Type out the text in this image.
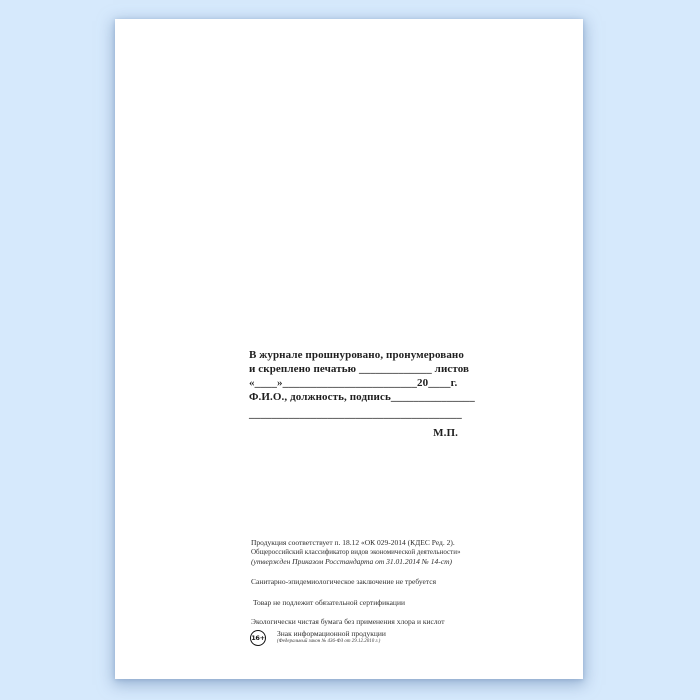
В журнале прошнуровано, пронумеровано
и скреплено печатью _____________ листов
«____»________________________20____г.
Ф.И.О., должность, подпись_______________
______________________________________
М.П.
Продукция соответствует п. 18.12 «ОК 029-2014 (КДЕС Ред. 2).
Общероссийский классификатор видов экономической деятельности»
(утвержден Приказом Росстандарта от 31.01.2014 № 14-ст)
Санитарно-эпидемиологическое заключение не требуется
Товар не подлежит обязательной сертификации
Экологически чистая бумага без применения хлора и кислот
16+ Знак информационной продукции
(Федеральный закон № 436-ФЗ от 29.12.2010 г.)
